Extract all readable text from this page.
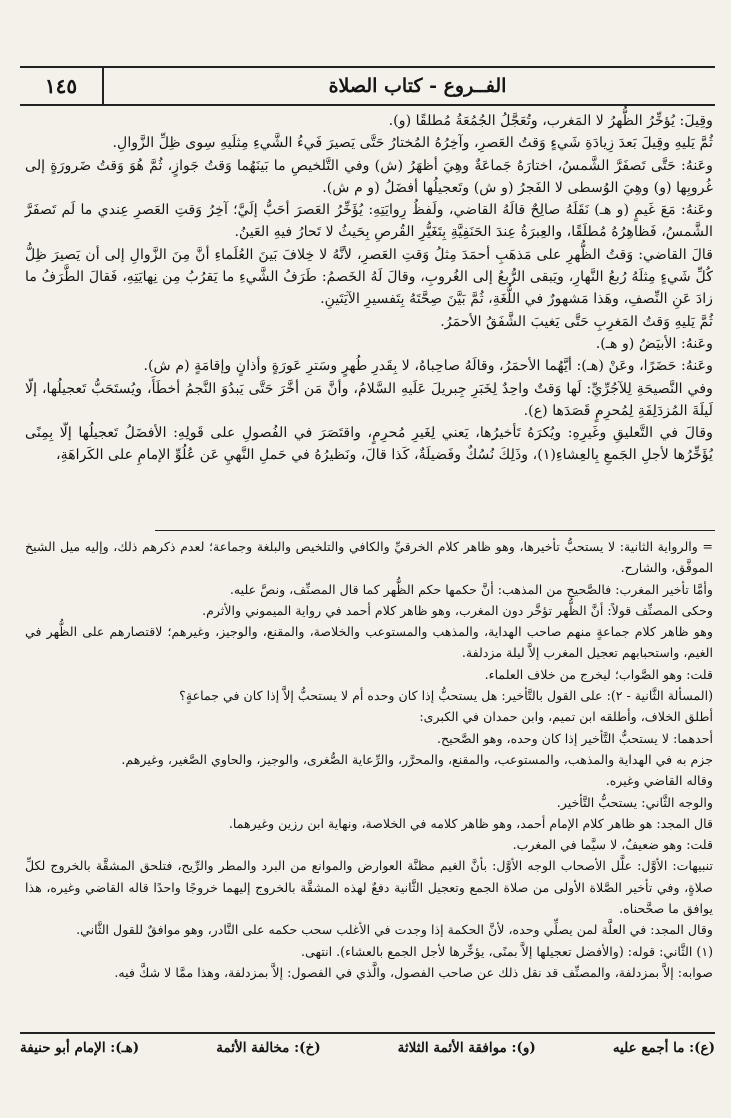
١٤٥	الفــروع - كتاب الصلاة

وقِيلَ: يُؤخِّرُ الظُّهرُ لا المَغرب، وتُعَجَّلُ الجُمُعَةُ مُطلقًا (و).

ثُمَّ يَليهِ وقِيلَ بَعدَ زِيادَةِ شَيءٍ وَقتُ العَصرِ، وآخِرُهُ المُختارُ حَتَّى يَصيرَ فَيءُ الشَّيءِ مِثلَيهِ سِوى ظِلِّ الزَّوالِ.

وعَنهُ: حَتَّى تَصفَرَّ الشَّمسُ، اختارَهُ جَماعَةٌ وهِيَ أظهَرُ (ش) وفي التَّلخيصِ ما بَينَهُما وَقتُ جَوازٍ، ثُمَّ هُوَ وَقتُ ضَرورَةٍ إلى غُروبِها (و) وهِيَ الوُسطى لا الفَجرُ (و ش) وتَعجيلُها أفضَلُ (و م ش).

وعَنهُ: مَعَ غَيمٍ (و هـ) نَقَلَهُ صالِحٌ قالَهُ القاضي، ولَفظُ رِوايَتِهِ: يُؤَخِّرُ العَصرَ أحَبُّ إلَيَّ؛ آخِرُ وَقتِ العَصرِ عِندي ما لَم تَصفَرَّ الشَّمسُ، فَظاهِرُهُ مُطلَقًا، والعِبرَةُ عِندَ الحَنَفِيَّةِ بِتَغَيُّرِ القُرصِ بِحَيثُ لا تَحارُ فيهِ العَينُ.

قالَ القاضي: وَقتُ الظُّهرِ على مَذهَبِ أحمَدَ مِثلُ وَقتِ العَصرِ، لأنَّهُ لا خِلافَ بَينَ العُلَماءِ أنَّ مِنَ الزَّوالِ إلى أن يَصيرَ ظِلُّ كُلِّ شَيءٍ مِثلَهُ رُبعُ النَّهارِ، ويَبقى الرُّبعُ إلى الغُروبِ، وقالَ لَهُ الخَصمُ: طَرَفُ الشَّيءِ ما يَقرُبُ مِن نِهايَتِهِ، فَقالَ الطَّرَفُ ما زادَ عَنِ النِّصفِ، وهَذا مَشهورٌ في اللُّغَةِ، ثُمَّ بَيَّنَ صِحَّتَهُ بِتَفسيرِ الآيَتَينِ.

ثُمَّ يَليهِ وَقتُ المَغرِبِ حَتَّى يَغيبَ الشَّفَقُ الأحمَرُ.

وعَنهُ: الأبيَضُ (و هـ).

وعَنهُ: حَضَرًا، وعَنْ (هـ): أيَّهُما الأحمَرُ، وقالَهُ صاحِباهُ، لا بِقَدرِ طُهرٍ وسَترِ عَورَةٍ وأذانٍ وإقامَةٍ (م ش).

وفي النَّصيحَةِ لِلآجُرِّيِّ: لَها وَقتٌ واحِدٌ لِخَبَرِ جِبريلَ عَلَيهِ السَّلامُ، وأنَّ مَن أخَّرَ حَتَّى يَبدُوَ النَّجمُ أخطَأَ، ويُستَحَبُّ تَعجيلُها، إلّا لَيلَةَ المُزدَلِفَةِ لِمُحرِمٍ قَصَدَها (ع).

وقالَ في التَّعليقِ وغَيرِهِ: ويُكرَهُ تَأخيرُها، يَعني لِغَيرِ مُحرِمٍ، واقتَصَرَ في الفُصولِ على قَولِهِ: الأفضَلُ تَعجيلُها إلّا بِمِنًى يُؤَخِّرُها لأجلِ الجَمعِ بِالعِشاءِ(١)، وذَلِكَ نُسُكٌ وفَضيلَةٌ، كَذا قالَ، ونَظيرُهُ في حَملِ النَّهيِ عَن عُلُوِّ الإمامِ على الكَراهَةِ،

= والرواية الثانية: لا يستحبُّ تأخيرها، وهو ظاهر كلام الخرقيِّ والكافي والتلخيص والبلغة وجماعة؛ لعدم ذكرهم ذلك، وإليه ميل الشيخ الموفَّق، والشارح.

وأمَّا تأخير المغرب: فالصَّحيح من المذهب: أنَّ حكمها حكم الظُّهر كما قال المصنِّف، ونصَّ عليه.

وحكى المصنِّف قولاً: أنَّ الظُّهر تؤخَّر دون المغرب، وهو ظاهر كلام أحمد في رواية الميموني والأثرم.

وهو ظاهر كلام جماعةٍ منهم صاحب الهداية، والمذهب والمستوعب والخلاصة، والمقنع، والوجيز، وغيرهم؛ لاقتصارهم على الظُّهر في الغيم، واستحبابهم تعجيل المغرب إلاَّ ليلة مزدلفة.

قلت: وهو الصَّواب؛ ليخرج من خلاف العلماء.

(المسألة الثَّانية - ٢): على القول بالتَّأخير: هل يستحبُّ إذا كان وحده أم لا يستحبُّ إلاَّ إذا كان في جماعةٍ؟

أطلق الخلاف، وأطلقه ابن تميم، وابن حمدان في الكبرى:

أحدهما: لا يستحبُّ التَّأخير إذا كان وحده، وهو الصَّحيح.

جزم به في الهداية والمذهب، والمستوعب، والمقنع، والمحرَّر، والرِّعاية الصُّغرى، والوجيز، والحاوي الصَّغير، وغيرهم.

وقاله القاضي وغيره.

والوجه الثَّاني: يستحبُّ التَّأخير.

قال المجد: هو ظاهر كلام الإمام أحمد، وهو ظاهر كلامه في الخلاصة، ونهاية ابن رزين وغيرهما.

قلت: وهو ضعيفٌ، لا سيَّما في المغرب.

تنبيهات: الأوَّل: علَّل الأصحاب الوجه الأوَّل: بأنَّ الغيم مظنَّة العوارض والموانع من البرد والمطر والرِّيح، فتلحق المشقَّة بالخروج لكلِّ صلاةٍ، وفي تأخير الصَّلاة الأولى من صلاة الجمع وتعجيل الثَّانية دفعٌ لهذه المشقَّة بالخروج إليهما خروجًا واحدًا قاله القاضي وغيره، هذا يوافق ما صحَّحناه.

وقال المجد: في العلَّة لمن يصلِّي وحده، لأنَّ الحكمة إذا وجدت في الأغلب سحب حكمه على النَّادر، وهو موافقٌ للقول الثَّاني.

(١) الثَّاني: قوله: (والأفضل تعجيلها إلاَّ بمنًى، يؤخِّرها لأجل الجمع بالعشاء). انتهى.

صوابه: إلاَّ بمزدلفة، والمصنِّف قد نقل ذلك عن صاحب الفصول، والَّذي في الفصول: إلاَّ بمزدلفة، وهذا ممَّا لا شكَّ فيه.

(ع): ما أجمع عليه
(و): موافقة الأئمة الثلاثة
(خ): مخالفة الأئمة
(هـ): الإمام أبو حنيفة
